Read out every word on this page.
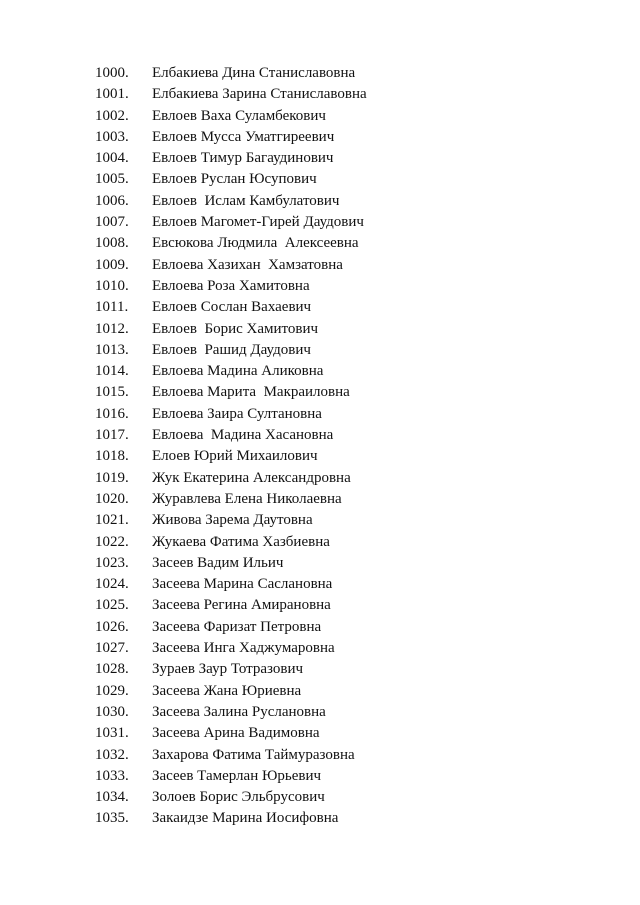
1000. Елбакиева Дина Станиславовна
1001. Елбакиева Зарина Станиславовна
1002. Евлоев Ваха Суламбекович
1003. Евлоев Мусса Уматгиреевич
1004. Евлоев Тимур Багаудинович
1005. Евлоев Руслан Юсупович
1006. Евлоев  Ислам Камбулатович
1007. Евлоев Магомет-Гирей Даудович
1008. Евсюкова Людмила  Алексеевна
1009. Евлоева Хазихан  Хамзатовна
1010. Евлоева Роза Хамитовна
1011. Евлоев Сослан Вахаевич
1012. Евлоев  Борис Хамитович
1013. Евлоев  Рашид Даудович
1014. Евлоева Мадина Аликовна
1015. Евлоева Марита  Макраиловна
1016. Евлоева Заира Султановна
1017. Евлоева  Мадина Хасановна
1018. Елоев Юрий Михаилович
1019. Жук Екатерина Александровна
1020. Журавлева Елена Николаевна
1021. Живова Зарема Даутовна
1022. Жукаева Фатима Хазбиевна
1023. Засеев Вадим Ильич
1024. Засеева Марина Саслановна
1025. Засеева Регина Амирановна
1026. Засеева Фаризат Петровна
1027. Засеева Инга Хаджумаровна
1028. Зураев Заур Тотразович
1029. Засеева Жана Юриевна
1030. Засеева Залина Руслановна
1031. Засеева Арина Вадимовна
1032. Захарова Фатима Таймуразовна
1033. Засеев Тамерлан Юрьевич
1034. Золоев Борис Эльбрусович
1035. Закаидзе Марина Иосифовна
